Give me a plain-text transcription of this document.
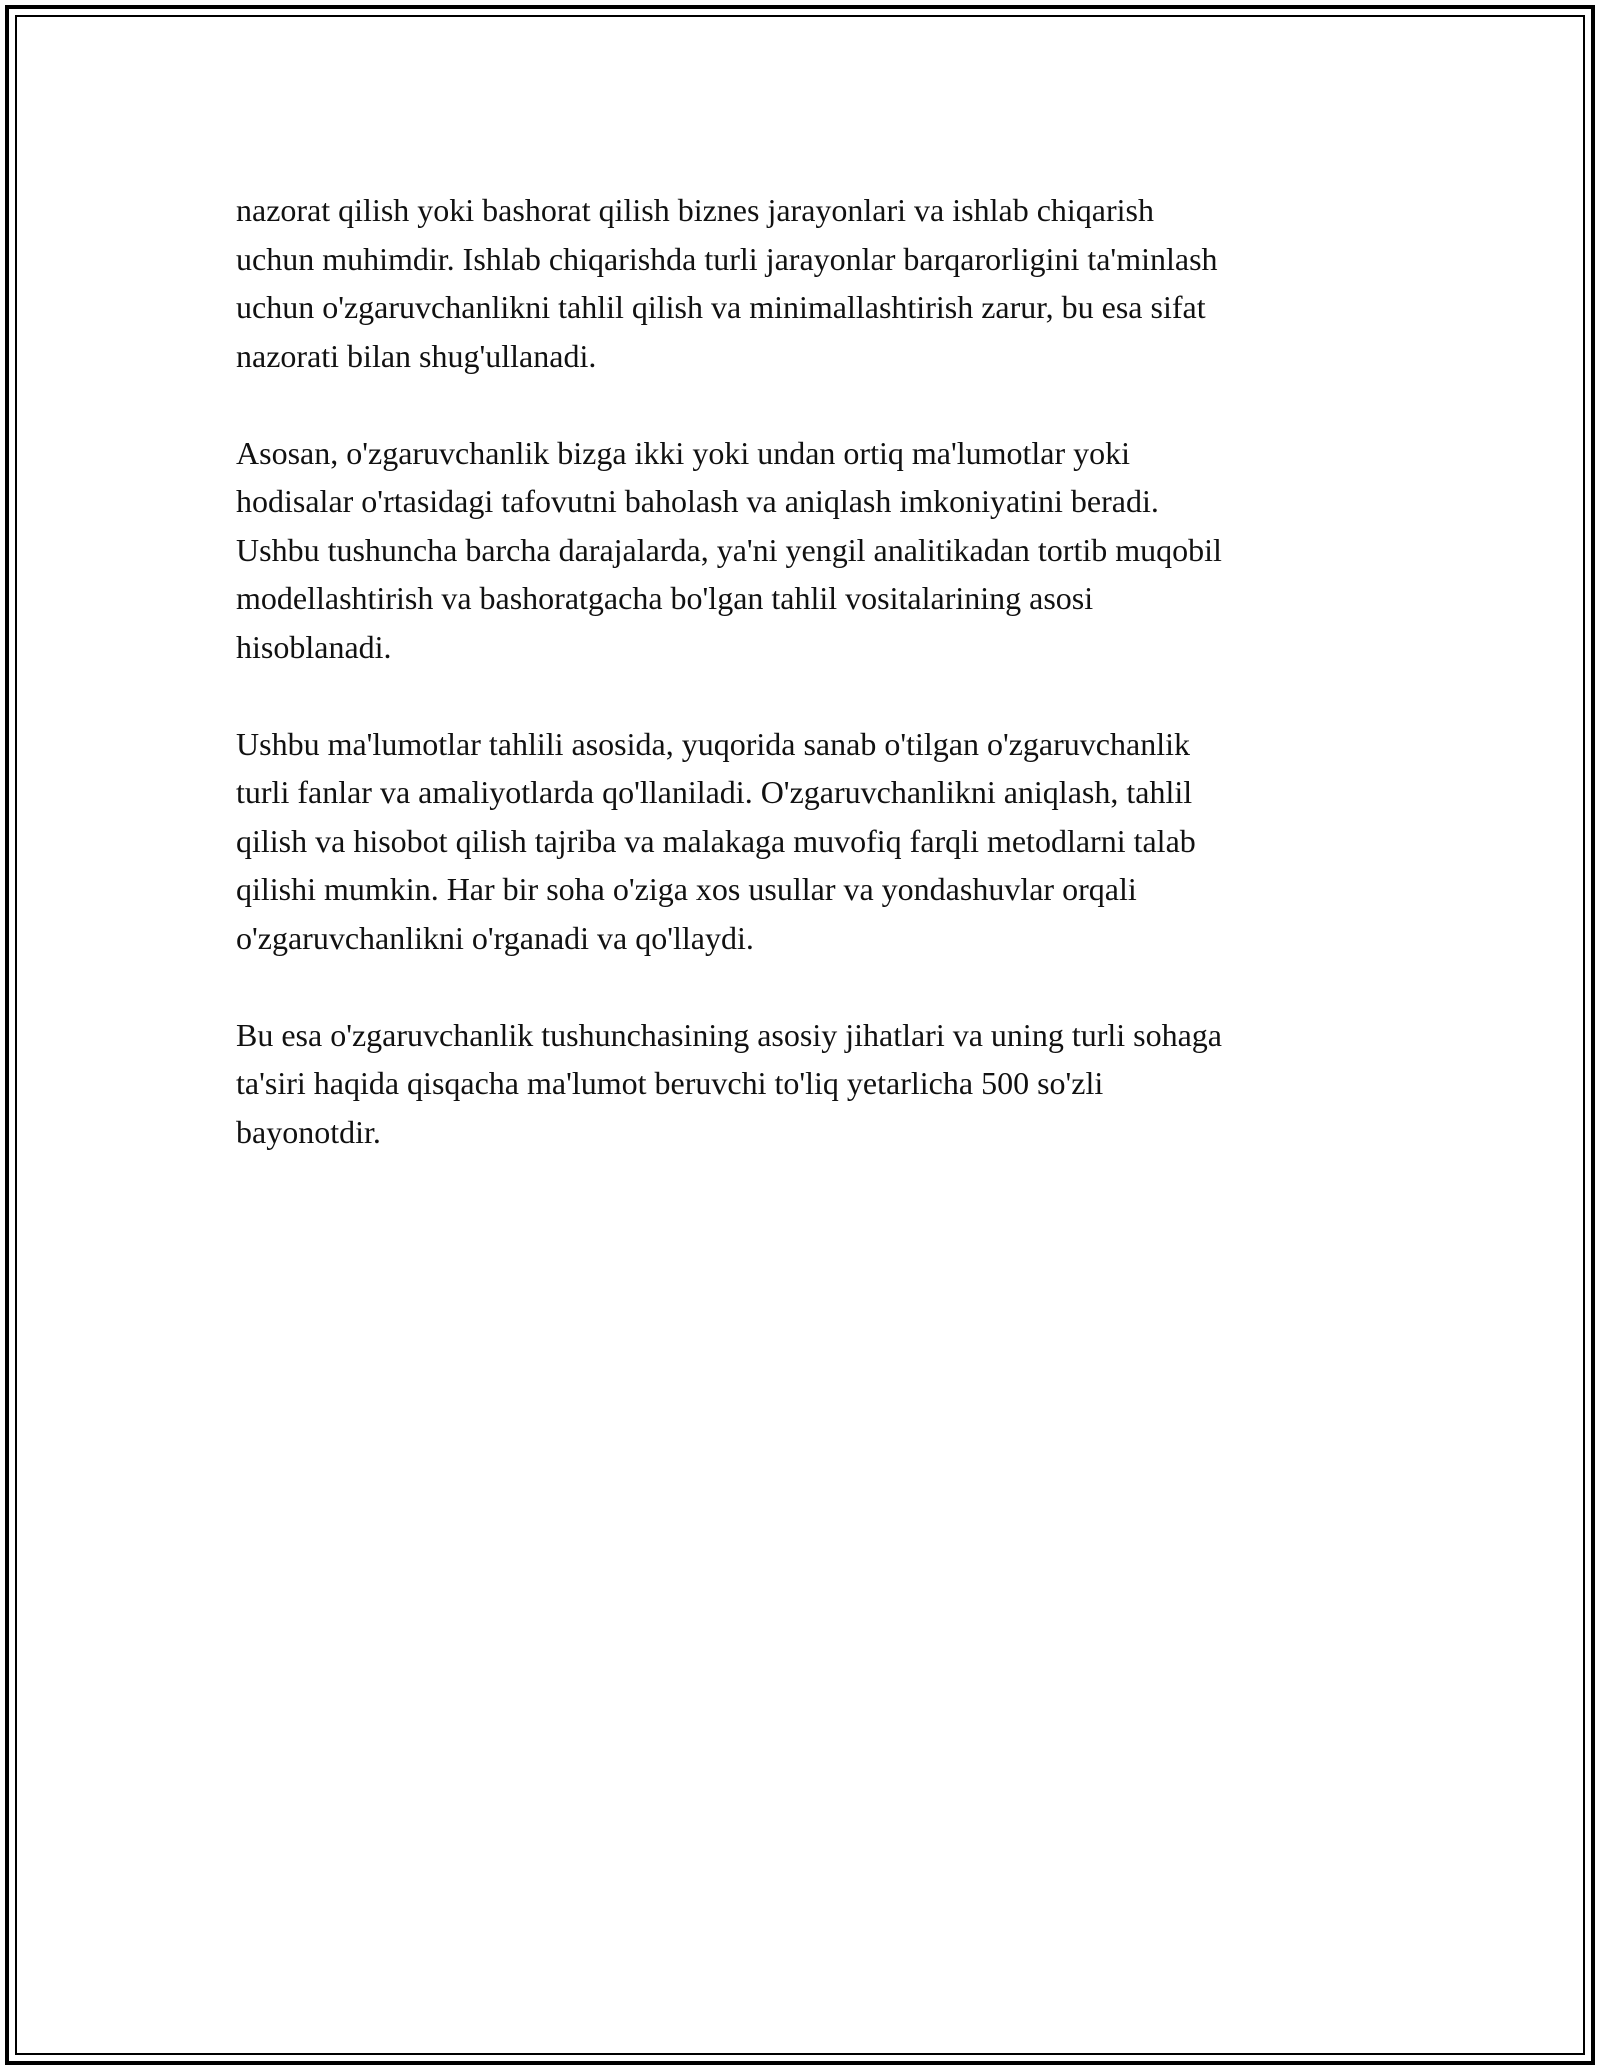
nazorat qilish yoki bashorat qilish biznes jarayonlari va ishlab chiqarish
uchun muhimdir. Ishlab chiqarishda turli jarayonlar barqarorligini ta'minlash
uchun o'zgaruvchanlikni tahlil qilish va minimallashtirish zarur, bu esa sifat
nazorati bilan shug'ullanadi.

Asosan, o'zgaruvchanlik bizga ikki yoki undan ortiq ma'lumotlar yoki
hodisalar o'rtasidagi tafovutni baholash va aniqlash imkoniyatini beradi.
Ushbu tushuncha barcha darajalarda, ya'ni yengil analitikadan tortib muqobil
modellashtirish va bashoratgacha bo'lgan tahlil vositalarining asosi
hisoblanadi.

Ushbu ma'lumotlar tahlili asosida, yuqorida sanab o'tilgan o'zgaruvchanlik
turli fanlar va amaliyotlarda qo'llaniladi. O'zgaruvchanlikni aniqlash, tahlil
qilish va hisobot qilish tajriba va malakaga muvofiq farqli metodlarni talab
qilishi mumkin. Har bir soha o'ziga xos usullar va yondashuvlar orqali
o'zgaruvchanlikni o'rganadi va qo'llaydi.

Bu esa o'zgaruvchanlik tushunchasining asosiy jihatlari va uning turli sohaga
ta'siri haqida qisqacha ma'lumot beruvchi to'liq yetarlicha 500 so'zli
bayonotdir.
